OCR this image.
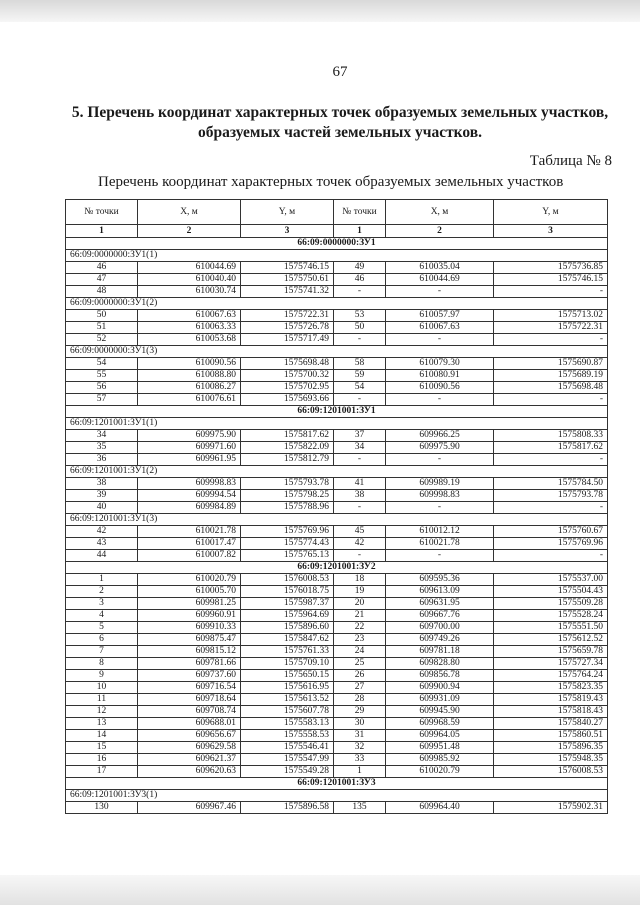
67
5. Перечень координат характерных точек образуемых земельных участков,
образуемых частей земельных участков.
Таблица № 8
Перечень координат характерных точек образуемых земельных участков
№ точки	X, м	Y, м	№ точки	X, м	Y, м
1	2	3	1	2	3
66:09:0000000:ЗУ1					
66:09:0000000:ЗУ1(1)					
46	610044.69	1575746.15	49	610035.04	1575736.85
47	610040.40	1575750.61	46	610044.69	1575746.15
48	610030.74	1575741.32	-	-	-
66:09:0000000:ЗУ1(2)					
50	610067.63	1575722.31	53	610057.97	1575713.02
51	610063.33	1575726.78	50	610067.63	1575722.31
52	610053.68	1575717.49	-	-	-
66:09:0000000:ЗУ1(3)					
54	610090.56	1575698.48	58	610079.30	1575690.87
55	610088.80	1575700.32	59	610080.91	1575689.19
56	610086.27	1575702.95	54	610090.56	1575698.48
57	610076.61	1575693.66	-	-	-
66:09:1201001:ЗУ1					
66:09:1201001:ЗУ1(1)					
34	609975.90	1575817.62	37	609966.25	1575808.33
35	609971.60	1575822.09	34	609975.90	1575817.62
36	609961.95	1575812.79	-	-	-
66:09:1201001:ЗУ1(2)					
38	609998.83	1575793.78	41	609989.19	1575784.50
39	609994.54	1575798.25	38	609998.83	1575793.78
40	609984.89	1575788.96	-	-	-
66:09:1201001:ЗУ1(3)					
42	610021.78	1575769.96	45	610012.12	1575760.67
43	610017.47	1575774.43	42	610021.78	1575769.96
44	610007.82	1575765.13	-	-	-
66:09:1201001:ЗУ2					
1	610020.79	1576008.53	18	609595.36	1575537.00
2	610005.70	1576018.75	19	609613.09	1575504.43
3	609981.25	1575987.37	20	609631.95	1575509.28
4	609960.91	1575964.69	21	609667.76	1575528.24
5	609910.33	1575896.60	22	609700.00	1575551.50
6	609875.47	1575847.62	23	609749.26	1575612.52
7	609815.12	1575761.33	24	609781.18	1575659.78
8	609781.66	1575709.10	25	609828.80	1575727.34
9	609737.60	1575650.15	26	609856.78	1575764.24
10	609716.54	1575616.95	27	609900.94	1575823.35
11	609718.64	1575613.52	28	609931.09	1575819.43
12	609708.74	1575607.78	29	609945.90	1575818.43
13	609688.01	1575583.13	30	609968.59	1575840.27
14	609656.67	1575558.53	31	609964.05	1575860.51
15	609629.58	1575546.41	32	609951.48	1575896.35
16	609621.37	1575547.99	33	609985.92	1575948.35
17	609620.63	1575549.28	1	610020.79	1576008.53
66:09:1201001:ЗУ3					
66:09:1201001:ЗУ3(1)					
130	609967.46	1575896.58	135	609964.40	1575902.31
